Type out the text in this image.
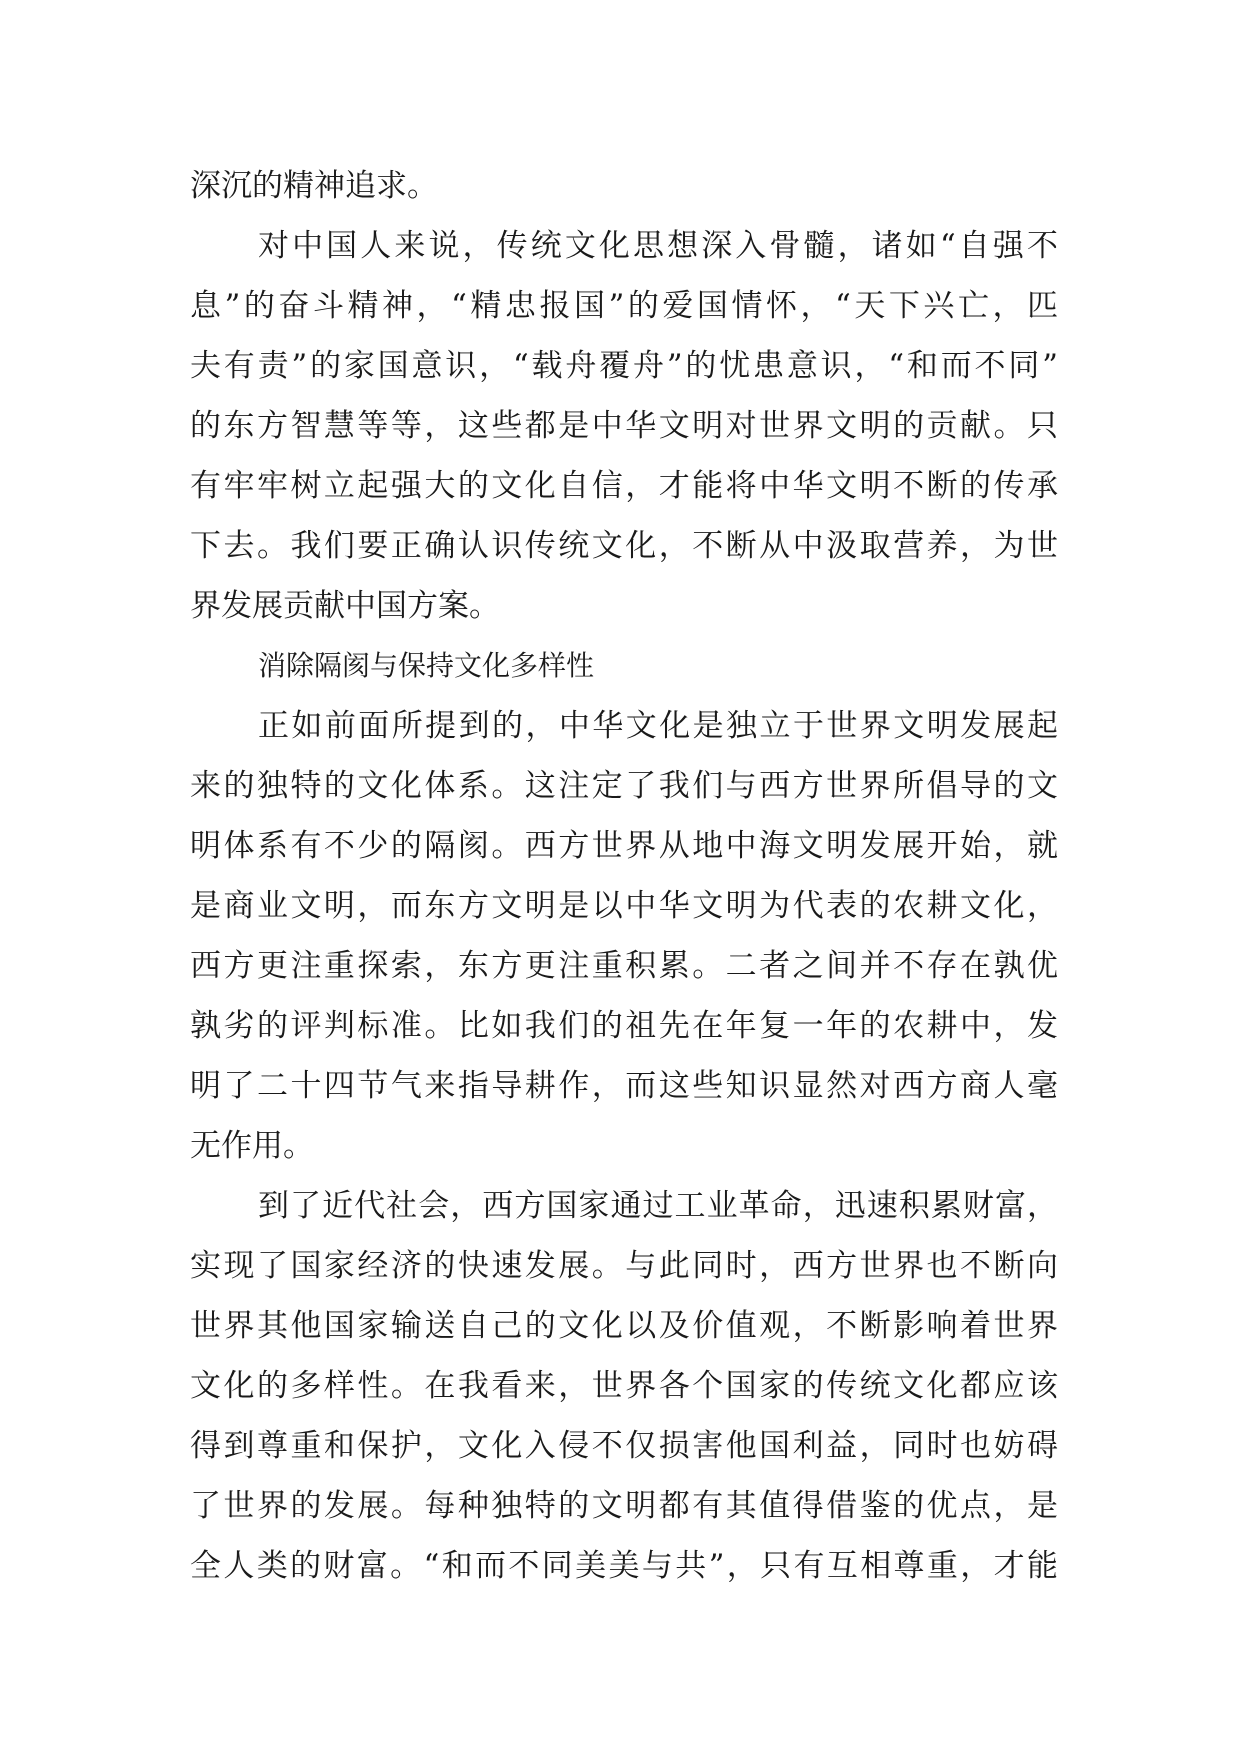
深沉的精神追求。
对中国人来说，传统文化思想深入骨髓，诸如“自强不
息”的奋斗精神，“精忠报国”的爱国情怀，“天下兴亡，匹
夫有责”的家国意识，“载舟覆舟”的忧患意识，“和而不同”
的东方智慧等等，这些都是中华文明对世界文明的贡献。只
有牢牢树立起强大的文化自信，才能将中华文明不断的传承
下去。我们要正确认识传统文化，不断从中汲取营养，为世
界发展贡献中国方案。
消除隔阂与保持文化多样性
正如前面所提到的，中华文化是独立于世界文明发展起
来的独特的文化体系。这注定了我们与西方世界所倡导的文
明体系有不少的隔阂。西方世界从地中海文明发展开始，就
是商业文明，而东方文明是以中华文明为代表的农耕文化，
西方更注重探索，东方更注重积累。二者之间并不存在孰优
孰劣的评判标准。比如我们的祖先在年复一年的农耕中，发
明了二十四节气来指导耕作，而这些知识显然对西方商人毫
无作用。
到了近代社会，西方国家通过工业革命，迅速积累财富，
实现了国家经济的快速发展。与此同时，西方世界也不断向
世界其他国家输送自己的文化以及价值观，不断影响着世界
文化的多样性。在我看来，世界各个国家的传统文化都应该
得到尊重和保护，文化入侵不仅损害他国利益，同时也妨碍
了世界的发展。每种独特的文明都有其值得借鉴的优点，是
全人类的财富。“和而不同美美与共”，只有互相尊重，才能
